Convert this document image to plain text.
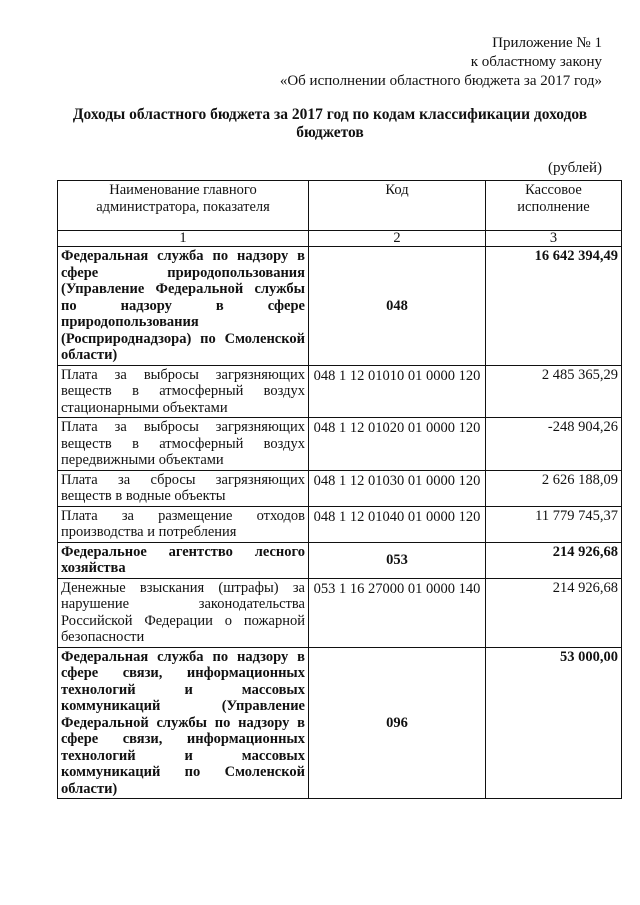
Приложение № 1
к областному закону
«Об исполнении областного бюджета за 2017 год»
Доходы областного бюджета за 2017 год по кодам классификации доходов
бюджетов
(рублей)
Наименование главного администратора, показателя	Код	Кассовое исполнение
1	2	3
Федеральная служба по надзору в сфере природопользования (Управление Федеральной службы по надзору в сфере природопользования (Росприроднадзора) по Смоленской области)	048	16 642 394,49
Плата за выбросы загрязняющих веществ в атмосферный воздух стационарными объектами	048 1 12 01010 01 0000 120	2 485 365,29
Плата за выбросы загрязняющих веществ в атмосферный воздух передвижными объектами	048 1 12 01020 01 0000 120	-248 904,26
Плата за сбросы загрязняющих веществ в водные объекты	048 1 12 01030 01 0000 120	2 626 188,09
Плата за размещение отходов производства и потребления	048 1 12 01040 01 0000 120	11 779 745,37
Федеральное агентство лесного хозяйства	053	214 926,68
Денежные взыскания (штрафы) за нарушение законодательства Российской Федерации о пожарной безопасности	053 1 16 27000 01 0000 140	214 926,68
Федеральная служба по надзору в сфере связи, информационных технологий и массовых коммуникаций (Управление Федеральной службы по надзору в сфере связи, информационных технологий и массовых коммуникаций по Смоленской области)	096	53 000,00
